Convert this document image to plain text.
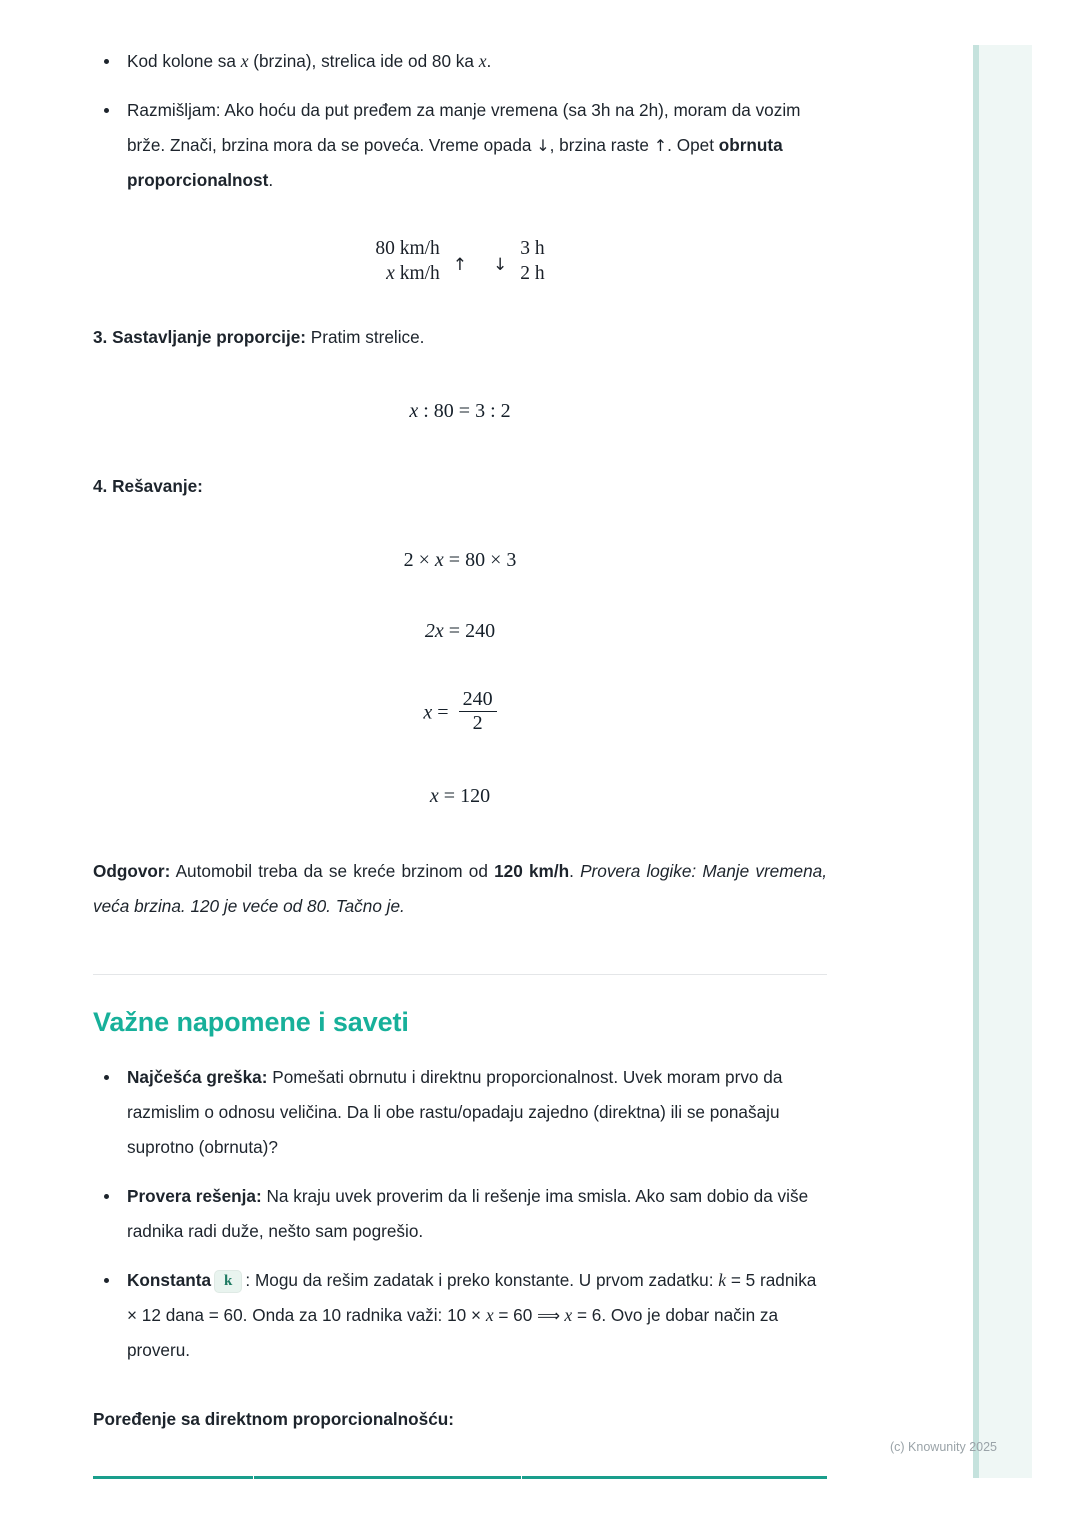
Kod kolone sa x (brzina), strelica ide od 80 ka x.
Razmišljam: Ako hoću da put pređem za manje vremena (sa 3h na 2h), moram da vozim brže. Znači, brzina mora da se poveća. Vreme opada ↓, brzina raste ↑. Opet obrnuta proporcionalnost.
80 km/h
x km/h ↑	↓
3 h
2 h
3. Sastavljanje proporcije: Pratim strelice.
x : 80 = 3 : 2
4. Rešavanje:
2 × x = 80 × 3
2x = 240
$x = \frac{240}{2}$
x = 120
Odgovor: Automobil treba da se kreće brzinom od 120 km/h. Provera logike: Manje vremena, veća brzina. 120 je veće od 80. Tačno je.
Važne napomene i saveti
Najčešća greška: Pomešati obrnutu i direktnu proporcionalnost. Uvek moram prvo da razmislim o odnosu veličina. Da li obe rastu/opadaju zajedno (direktna) ili se ponašaju suprotno (obrnuta)?
Provera rešenja: Na kraju uvek proverim da li rešenje ima smisla. Ako sam dobio da više radnika radi duže, nešto sam pogrešio.
Konstanta k : Mogu da rešim zadatak i preko konstante. U prvom zadatku: k = 5 radnika × 12 dana = 60. Onda za 10 radnika važi: 10 × x = 60 ⟹ x = 6. Ovo je dobar način za proveru.
Poređenje sa direktnom proporcionalnošću:
(c) Knowunity 2025
